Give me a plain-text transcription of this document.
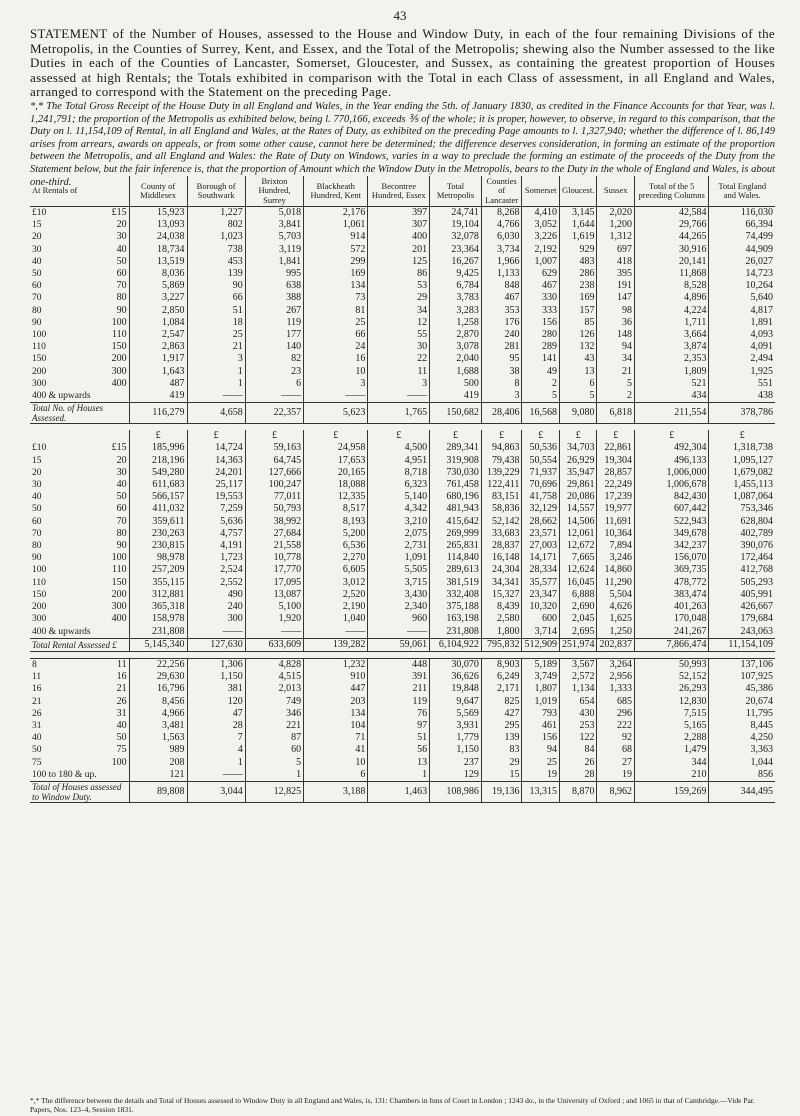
43
STATEMENT of the Number of Houses, assessed to the House and Window Duty, in each of the four remaining Divisions of the Metropolis, in the Counties of Surrey, Kent, and Essex, and the Total of the Metropolis; shewing also the Number assessed to the like Duties in each of the Counties of Lancaster, Somerset, Gloucester, and Sussex, as containing the greatest proportion of Houses assessed at high Rentals; the Totals exhibited in comparison with the Total in each Class of assessment, in all England and Wales, arranged to correspond with the Statement on the preceding Page.
*,* The Total Gross Receipt of the House Duty in all England and Wales, in the Year ending the 5th. of January 1830, as credited in the Finance Accounts for that Year, was l. 1,241,791; the proportion of the Metropolis as exhibited below, being l. 770,166, exceeds ⅗ of the whole; it is proper, however, to observe, in regard to this comparison, that the Duty on l. 11,154,109 of Rental, in all England and Wales, at the Rates of Duty, as exhibited on the preceding Page amounts to l. 1,327,940; whether the difference of l. 86,149 arises from arrears, awards on appeals, or from some other cause, cannot here be determined; the difference deserves consideration, in forming an estimate of the proportion between the Metropolis, and all England and Wales: the Rate of Duty on Windows, varies in a way to preclude the forming an estimate of the proceeds of the Duty from the Statement below, but the fair inference is, that the proportion of Amount which the Window Duty in the Metropolis, bears to the Duty in the whole of England and Wales, is about one-third.
At Rentals of		County of Middlesex	Borough of Southwark	Brixton Hundred, Surrey	Blackheath Hundred, Kent	Becontree Hundred, Essex	Total Metropolis	Counties of
Lancaster	Somerset	Gloucest.	Sussex	Total of the 5 preceding Columns	Total England and Wales.
£10	£15	15,923	1,227	5,018	2,176	397	24,741	8,268	4,410	3,145	2,020	42,584	116,030
15	20	13,093	802	3,841	1,061	307	19,104	4,766	3,052	1,644	1,200	29,766	66,394
20	30	24,038	1,023	5,703	914	400	32,078	6,030	3,226	1,619	1,312	44,265	74,499
30	40	18,734	738	3,119	572	201	23,364	3,734	2,192	929	697	30,916	44,909
40	50	13,519	453	1,841	299	125	16,267	1,966	1,007	483	418	20,141	26,027
50	60	8,036	139	995	169	86	9,425	1,133	629	286	395	11,868	14,723
60	70	5,869	90	638	134	53	6,784	848	467	238	191	8,528	10,264
70	80	3,227	66	388	73	29	3,783	467	330	169	147	4,896	5,640
80	90	2,850	51	267	81	34	3,283	353	333	157	98	4,224	4,817
90	100	1,084	18	119	25	12	1,258	176	156	85	36	1,711	1,891
100	110	2,547	25	177	66	55	2,870	240	280	126	148	3,664	4,093
110	150	2,863	21	140	24	30	3,078	281	289	132	94	3,874	4,091
150	200	1,917	3	82	16	22	2,040	95	141	43	34	2,353	2,494
200	300	1,643	1	23	10	11	1,688	38	49	13	21	1,809	1,925
300	400	487	1	6	3	3	500	8	2	6	5	521	551
400 & upwards		419	——	——	——	——	419	3	5	5	2	434	438
Total No. of Houses Assessed.		116,279	4,658	22,357	5,623	1,765	150,682	28,406	16,568	9,080	6,818	211,554	378,786

		£	£	£	£	£	£	£	£	£	£	£	£
£10	£15	185,996	14,724	59,163	24,958	4,500	289,341	94,863	50,536	34,703	22,861	492,304	1,318,738
15	20	218,196	14,363	64,745	17,653	4,951	319,908	79,438	50,554	26,929	19,304	496,133	1,095,127
20	30	549,280	24,201	127,666	20,165	8,718	730,030	139,229	71,937	35,947	28,857	1,006,000	1,679,082
30	40	611,683	25,117	100,247	18,088	6,323	761,458	122,411	70,696	29,861	22,249	1,006,678	1,455,113
40	50	566,157	19,553	77,011	12,335	5,140	680,196	83,151	41,758	20,086	17,239	842,430	1,087,064
50	60	411,032	7,259	50,793	8,517	4,342	481,943	58,836	32,129	14,557	19,977	607,442	753,346
60	70	359,611	5,636	38,992	8,193	3,210	415,642	52,142	28,662	14,506	11,691	522,943	628,804
70	80	230,263	4,757	27,684	5,200	2,075	269,999	33,683	23,571	12,061	10,364	349,678	402,789
80	90	230,815	4,191	21,558	6,536	2,731	265,831	28,837	27,003	12,672	7,894	342,237	390,076
90	100	98,978	1,723	10,778	2,270	1,091	114,840	16,148	14,171	7,665	3,246	156,070	172,464
100	110	257,209	2,524	17,770	6,605	5,505	289,613	24,304	28,334	12,624	14,860	369,735	412,768
110	150	355,115	2,552	17,095	3,012	3,715	381,519	34,341	35,577	16,045	11,290	478,772	505,293
150	200	312,881	490	13,087	2,520	3,430	332,408	15,327	23,347	6,888	5,504	383,474	405,991
200	300	365,318	240	5,100	2,190	2,340	375,188	8,439	10,320	2,690	4,626	401,263	426,667
300	400	158,978	300	1,920	1,040	960	163,198	2,580	600	2,045	1,625	170,048	179,684
400 & upwards		231,808	——	——	——	——	231,808	1,800	3,714	2,695	1,250	241,267	243,063
Total Rental Assessed £		5,145,340	127,630	633,609	139,282	59,061	6,104,922	795,832	512,909	251,974	202,837	7,866,474	11,154,109

8	11	22,256	1,306	4,828	1,232	448	30,070	8,903	5,189	3,567	3,264	50,993	137,106
11	16	29,630	1,150	4,515	910	391	36,626	6,249	3,749	2,572	2,956	52,152	107,925
16	21	16,796	381	2,013	447	211	19,848	2,171	1,807	1,134	1,333	26,293	45,386
21	26	8,456	120	749	203	119	9,647	825	1,019	654	685	12,830	20,674
26	31	4,966	47	346	134	76	5,569	427	793	430	296	7,515	11,795
31	40	3,481	28	221	104	97	3,931	295	461	253	222	5,165	8,445
40	50	1,563	7	87	71	51	1,779	139	156	122	92	2,288	4,250
50	75	989	4	60	41	56	1,150	83	94	84	68	1,479	3,363
75	100	208	1	5	10	13	237	29	25	26	27	344	1,044
100 to 180 & up.		121	——	1	6	1	129	15	19	28	19	210	856
Total of Houses assessed to Window Duty.		89,808	3,044	12,825	3,188	1,463	108,986	19,136	13,315	8,870	8,962	159,269	344,495
*,* The difference between the details and Total of Houses assessed to Window Duty in all England and Wales, is, 131: Chambers in Inns of Court in London ; 1243 do., in the University of Oxford ; and 1065 in that of Cambridge.—Vide Par. Papers, Nos. 123–4, Session 1831.
